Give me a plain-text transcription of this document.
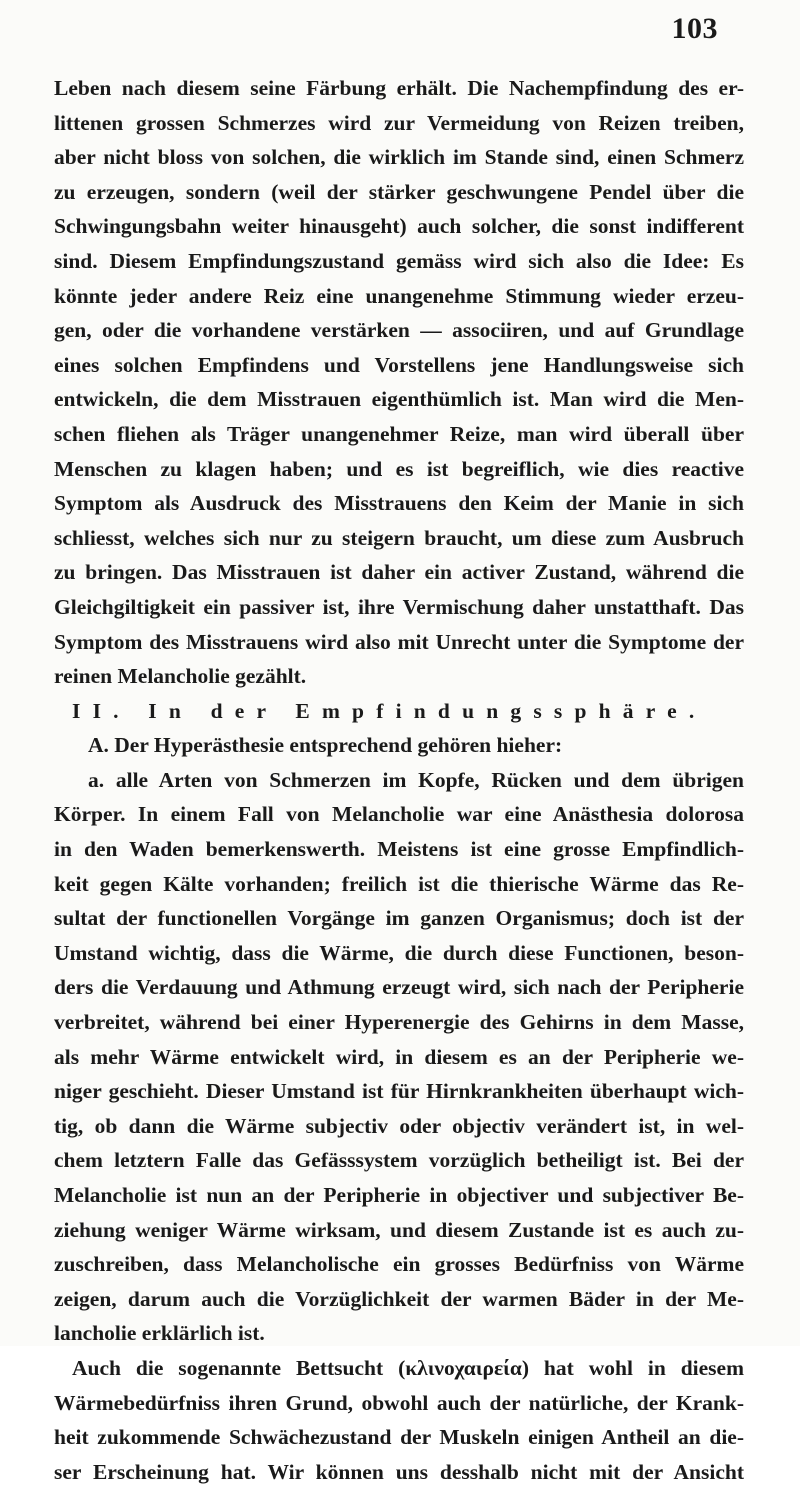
103
Leben nach diesem seine Färbung erhält. Die Nachempfindung des er-
littenen grossen Schmerzes wird zur Vermeidung von Reizen treiben,
aber nicht bloss von solchen, die wirklich im Stande sind, einen Schmerz
zu erzeugen, sondern (weil der stärker geschwungene Pendel über die
Schwingungsbahn weiter hinausgeht) auch solcher, die sonst indifferent
sind. Diesem Empfindungszustand gemäss wird sich also die Idee: Es
könnte jeder andere Reiz eine unangenehme Stimmung wieder erzeu-
gen, oder die vorhandene verstärken — associiren, und auf Grundlage
eines solchen Empfindens und Vorstellens jene Handlungsweise sich
entwickeln, die dem Misstrauen eigenthümlich ist. Man wird die Men-
schen fliehen als Träger unangenehmer Reize, man wird überall über
Menschen zu klagen haben; und es ist begreiflich, wie dies reactive
Symptom als Ausdruck des Misstrauens den Keim der Manie in sich
schliesst, welches sich nur zu steigern braucht, um diese zum Ausbruch
zu bringen. Das Misstrauen ist daher ein activer Zustand, während die
Gleichgiltigkeit ein passiver ist, ihre Vermischung daher unstatthaft. Das
Symptom des Misstrauens wird also mit Unrecht unter die Symptome der
reinen Melancholie gezählt.
II. In der Empfindungssphäre.
A. Der Hyperästhesie entsprechend gehören hieher:
a. alle Arten von Schmerzen im Kopfe, Rücken und dem übrigen
Körper. In einem Fall von Melancholie war eine Anästhesia dolorosa
in den Waden bemerkenswerth. Meistens ist eine grosse Empfindlich-
keit gegen Kälte vorhanden; freilich ist die thierische Wärme das Re-
sultat der functionellen Vorgänge im ganzen Organismus; doch ist der
Umstand wichtig, dass die Wärme, die durch diese Functionen, beson-
ders die Verdauung und Athmung erzeugt wird, sich nach der Peripherie
verbreitet, während bei einer Hyperenergie des Gehirns in dem Masse,
als mehr Wärme entwickelt wird, in diesem es an der Peripherie we-
niger geschieht. Dieser Umstand ist für Hirnkrankheiten überhaupt wich-
tig, ob dann die Wärme subjectiv oder objectiv verändert ist, in wel-
chem letztern Falle das Gefässsystem vorzüglich betheiligt ist. Bei der
Melancholie ist nun an der Peripherie in objectiver und subjectiver Be-
ziehung weniger Wärme wirksam, und diesem Zustande ist es auch zu-
zuschreiben, dass Melancholische ein grosses Bedürfniss von Wärme
zeigen, darum auch die Vorzüglichkeit der warmen Bäder in der Me-
lancholie erklärlich ist.
Auch die sogenannte Bettsucht (κλινοχαιρεία) hat wohl in diesem
Wärmebedürfniss ihren Grund, obwohl auch der natürliche, der Krank-
heit zukommende Schwächezustand der Muskeln einigen Antheil an die-
ser Erscheinung hat. Wir können uns desshalb nicht mit der Ansicht
